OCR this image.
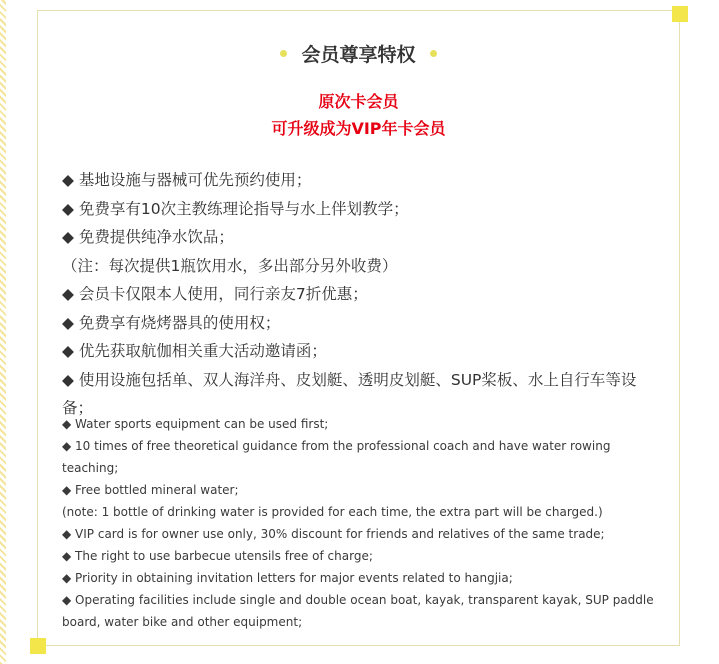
会员尊享特权
原次卡会员
可升级成为VIP年卡会员
◆ 基地设施与器械可优先预约使用；
◆ 免费享有10次主教练理论指导与水上伴划教学；
◆ 免费提供纯净水饮品；
（注：每次提供1瓶饮用水，多出部分另外收费）
◆ 会员卡仅限本人使用，同行亲友7折优惠；
◆ 免费享有烧烤器具的使用权；
◆ 优先获取航伽相关重大活动邀请函；
◆ 使用设施包括单、双人海洋舟、皮划艇、透明皮划艇、SUP桨板、水上自行车等设备；
◆ Water sports equipment can be used first;
◆ 10 times of free theoretical guidance from the professional coach and have water rowing teaching;
◆ Free bottled mineral water;
(note: 1 bottle of drinking water is provided for each time, the extra part will be charged.)
◆ VIP card is for owner use only, 30% discount for friends and relatives of the same trade;
◆ The right to use barbecue utensils free of charge;
◆ Priority in obtaining invitation letters for major events related to hangjia;
◆ Operating facilities include single and double ocean boat, kayak, transparent kayak, SUP paddle board, water bike and other equipment;
